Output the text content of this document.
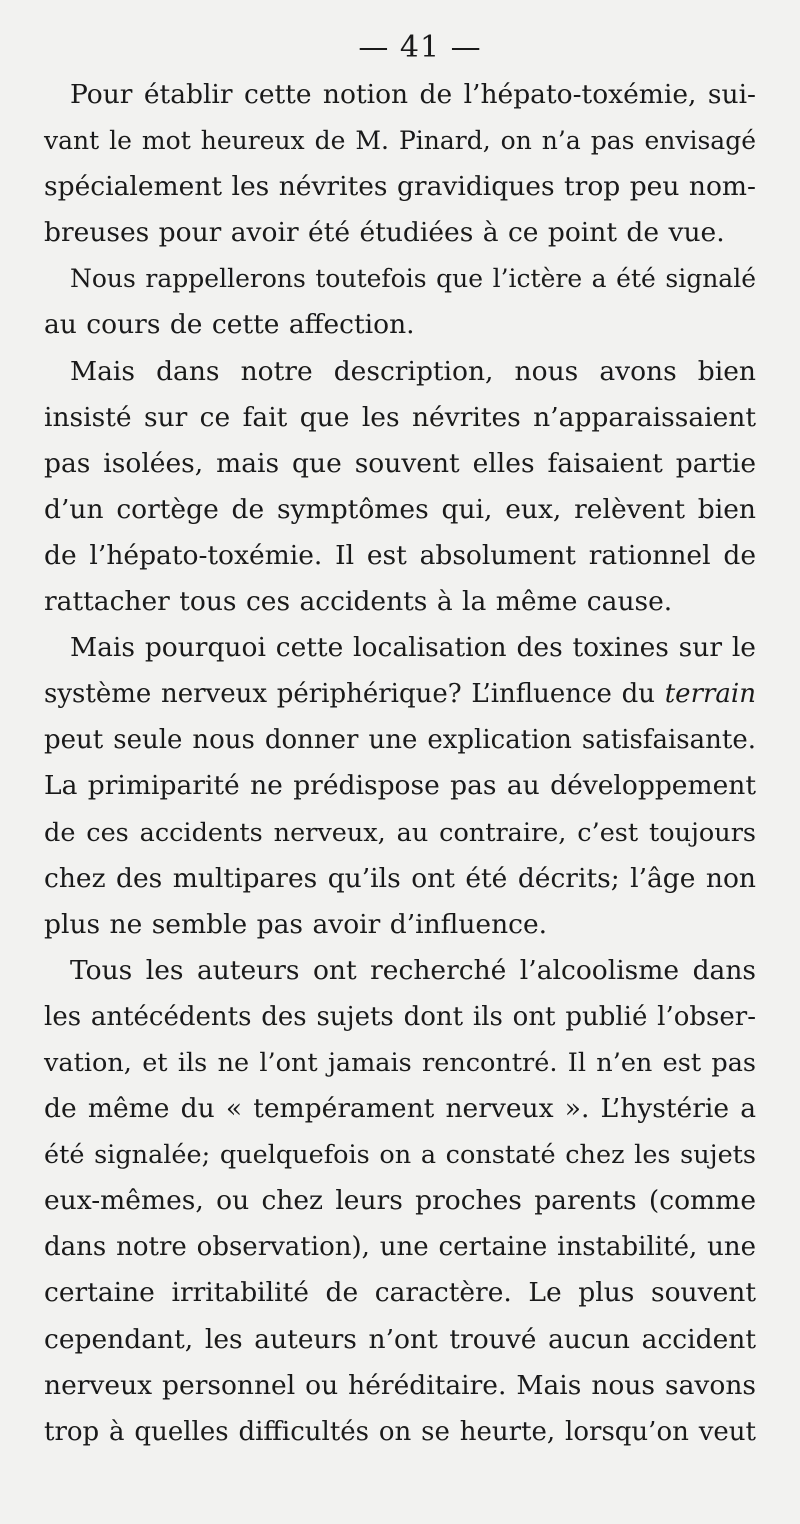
— 41 —
Pour établir cette notion de l’hépato-toxémie, sui-
vant le mot heureux de M. Pinard, on n’a pas envisagé
spécialement les névrites gravidiques trop peu nom-
breuses pour avoir été étudiées à ce point de vue.
Nous rappellerons toutefois que l’ictère a été signalé
au cours de cette affection.
Mais dans notre description, nous avons bien
insisté sur ce fait que les névrites n’apparaissaient
pas isolées, mais que souvent elles faisaient partie
d’un cortège de symptômes qui, eux, relèvent bien
de l’hépato-toxémie. Il est absolument rationnel de
rattacher tous ces accidents à la même cause.
Mais pourquoi cette localisation des toxines sur le
système nerveux périphérique? L’influence du terrain
peut seule nous donner une explication satisfaisante.
La primiparité ne prédispose pas au développement
de ces accidents nerveux, au contraire, c’est toujours
chez des multipares qu’ils ont été décrits; l’âge non
plus ne semble pas avoir d’influence.
Tous les auteurs ont recherché l’alcoolisme dans
les antécédents des sujets dont ils ont publié l’obser-
vation, et ils ne l’ont jamais rencontré. Il n’en est pas
de même du « tempérament nerveux ». L’hystérie a
été signalée; quelquefois on a constaté chez les sujets
eux-mêmes, ou chez leurs proches parents (comme
dans notre observation), une certaine instabilité, une
certaine irritabilité de caractère. Le plus souvent
cependant, les auteurs n’ont trouvé aucun accident
nerveux personnel ou héréditaire. Mais nous savons
trop à quelles difficultés on se heurte, lorsqu’on veut
